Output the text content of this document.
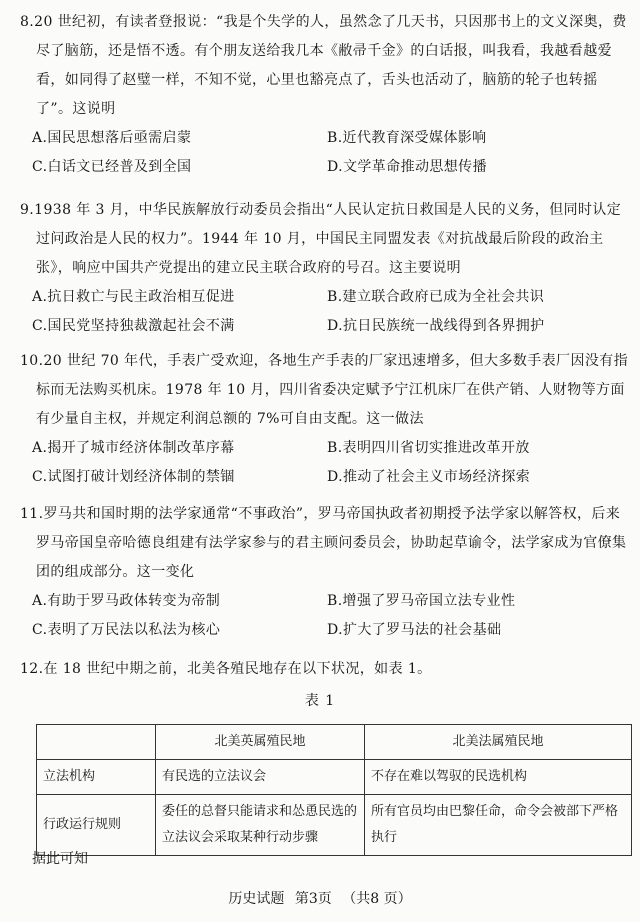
8.20 世纪初，有读者登报说：“我是个失学的人，虽然念了几天书，只因那书上的文义深奥，费尽了脑筋，还是悟不透。有个朋友送给我几本《敝帚千金》的白话报，叫我看，我越看越爱看，如同得了赵璧一样，不知不觉，心里也豁亮点了，舌头也活动了，脑筋的轮子也转摇了”。这说明
A.国民思想落后亟需启蒙	B.近代教育深受媒体影响
C.白话文已经普及到全国	D.文学革命推动思想传播
9.1938 年 3 月，中华民族解放行动委员会指出“人民认定抗日救国是人民的义务，但同时认定过问政治是人民的权力”。1944 年 10 月，中国民主同盟发表《对抗战最后阶段的政治主张》，响应中国共产党提出的建立民主联合政府的号召。这主要说明
A.抗日救亡与民主政治相互促进	B.建立联合政府已成为全社会共识
C.国民党坚持独裁激起社会不满	D.抗日民族统一战线得到各界拥护
10.20 世纪 70 年代，手表广受欢迎，各地生产手表的厂家迅速增多，但大多数手表厂因没有指标而无法购买机床。1978 年 10 月，四川省委决定赋予宁江机床厂在供产销、人财物等方面有少量自主权，并规定利润总额的 7%可自由支配。这一做法
A.揭开了城市经济体制改革序幕	B.表明四川省切实推进改革开放
C.试图打破计划经济体制的禁锢	D.推动了社会主义市场经济探索
11.罗马共和国时期的法学家通常“不事政治”，罗马帝国执政者初期授予法学家以解答权，后来罗马帝国皇帝哈德良组建有法学家参与的君主顾问委员会，协助起草谕令，法学家成为官僚集团的组成部分。这一变化
A.有助于罗马政体转变为帝制	B.增强了罗马帝国立法专业性
C.表明了万民法以私法为核心	D.扩大了罗马法的社会基础
12.在 18 世纪中期之前，北美各殖民地存在以下状况，如表 1。
表 1
	北美英属殖民地	北美法属殖民地
立法机构	有民选的立法议会	不存在难以驾驭的民选机构
行政运行规则	委任的总督只能请求和怂恿民选的立法议会采取某种行动步骤	所有官员均由巴黎任命，命令会被部下严格执行
据此可知
历史试题 第3页 （共8 页）
